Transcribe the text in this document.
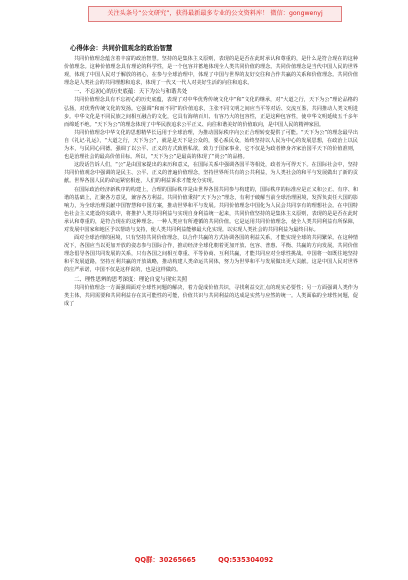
关注头条号“公文研究”，获得最新最多专业的公文资料库！ 微信：gongwenyj
心得体会：共同价值观念的政治智慧

共同价值理念蕴含着丰富的政治智慧。坚持的是集体主义原则，表现的是是否在此时承认和尊重的，是什么是符合现在的这种价值理念。这种价值理念具有理论的科学性，是一个包容并蓄地体现全人类共同价值的理念。共同价值理念是当代中国人民的世界观，体现了中国人民对于解放的初心，在参与全球治理中，体现了中国与世界的友好交往和合作共赢的关系和价值理念。共同价值理念是人类社会的共同理想和追求，体现了一代又一代人对美好生活的向往和追求。

一、不忘初心的历史底蕴：天下为公与和谐共处

共同价值理念具有不忘初心的历史底蕴，表现了对中华优秀传统文化中“和”文化的继承，对“大道之行，天下为公”理论品格的弘扬，对优秀传统文化的发扬。它强调“和而不同”的价值追求，主张不同文明之间应当平等对话、交流互鉴，共同推动人类文明进步。中华文化是不同民族之间相互融合的文化，它具有海纳百川、有容乃大的包容性，正是这种包容性，使中华文明延续五千多年而绵延不绝。“天下为公”的理念体现了中华民族追求公平正义、向往和谐美好的价值取向，是中国人民的精神家园。

共同价值理念中华文化的思想精华长远用于全球治理，为推动国际秩序向公正合理转变提供了可能。“天下为公”的理念最早出自《礼记·礼运》，“大道之行，天下为公”，就是是天下是公众的，要心系民众，始终坚持以人民为中心的发展思想，在政治上以民为本，与民同心同德。强调了以公平、正义的方式致胜私欲，致力于国家事业，它不仅是为政者修身齐家治国平天下的价值准则，也是治理社会的最高价值目标。所以，“天下为公”是最高的体现了“尚公”的品格。

这段话告诉人们，“公”是由国家提出的来历和意义，在国际关系中强调各国平等相处，政者为可得天下。在国际社会中，坚持共同价值观念中强调的是民主、公平、正义的普遍价值理念，坚持世界所共有的公共利益，为人类社会的和平与发展做出了新的贡献。世界各国人民的命运紧密相连，人们的利益诉求才能充分实现。

在国际政治经济新秩序的构建上，合理的国际秩序是由世界各国共同参与构建的，国际秩序的标准应是正义和公正、有序、和谐的基础上，汇聚各方意见，兼容各方利益。共同价值秉持“天下为公”理念，有利于破解当前全球治理困境，发挥负责任大国的影响力，为全球治理贡献中国智慧和中国方案，推动世界和平与发展。共同价值理念中国化为人民会共同享有的理想社会。在中国特色社会主义建设的实践中，将推护人类共同利益与实现自身利益统一起来，共同价值坚持的是集体主义原则，表现的是是否在此时承认和尊重的，是符合现在的这种理念。一种人类应有所遵循的共同价值。它是运用共同价值理念，使全人类共同利益有所保障，对发展中国家和地区予以帮助与支持，使人类共同利益能够最大化实现。以实现人类社会的共同利益为最终目标。

面对全球治理的困境，只有坚持共同价值理念，以合作共赢的方式协调各国的利益关系，才能实现全球的共同繁荣。在这种情况下，各国应当以更加开放的姿态参与国际合作，推动经济全球化朝着更加开放、包容、普惠、平衡、共赢的方向发展。共同价值理念倡导各国共同发展的关系，只有各国之间相互尊重、平等协商、互利共赢，才能共同应对全球性挑战。中国将一如既往地坚持和平发展道路，坚持互利共赢的开放战略，推动构建人类命运共同体，努力为世界和平与发展做出更大贡献。这是中国人民对世界的庄严承诺，中国不仅是这样说的，也是这样做的。

二、理性思辨的思考深度：理论自觉与现实关照

共同价值理念一方面强调面对全球性问题的解决，着力促成价值共识，寻找利益交汇点的现实必要性；另一方面强调人类作为类主体，共同需要和共同利益存在其可能性的可能，价值共识与共同利益的达成是实然与应然的统一。人类面临的全球性问题，促成了

QQ群：30265665	QQ:535304092
